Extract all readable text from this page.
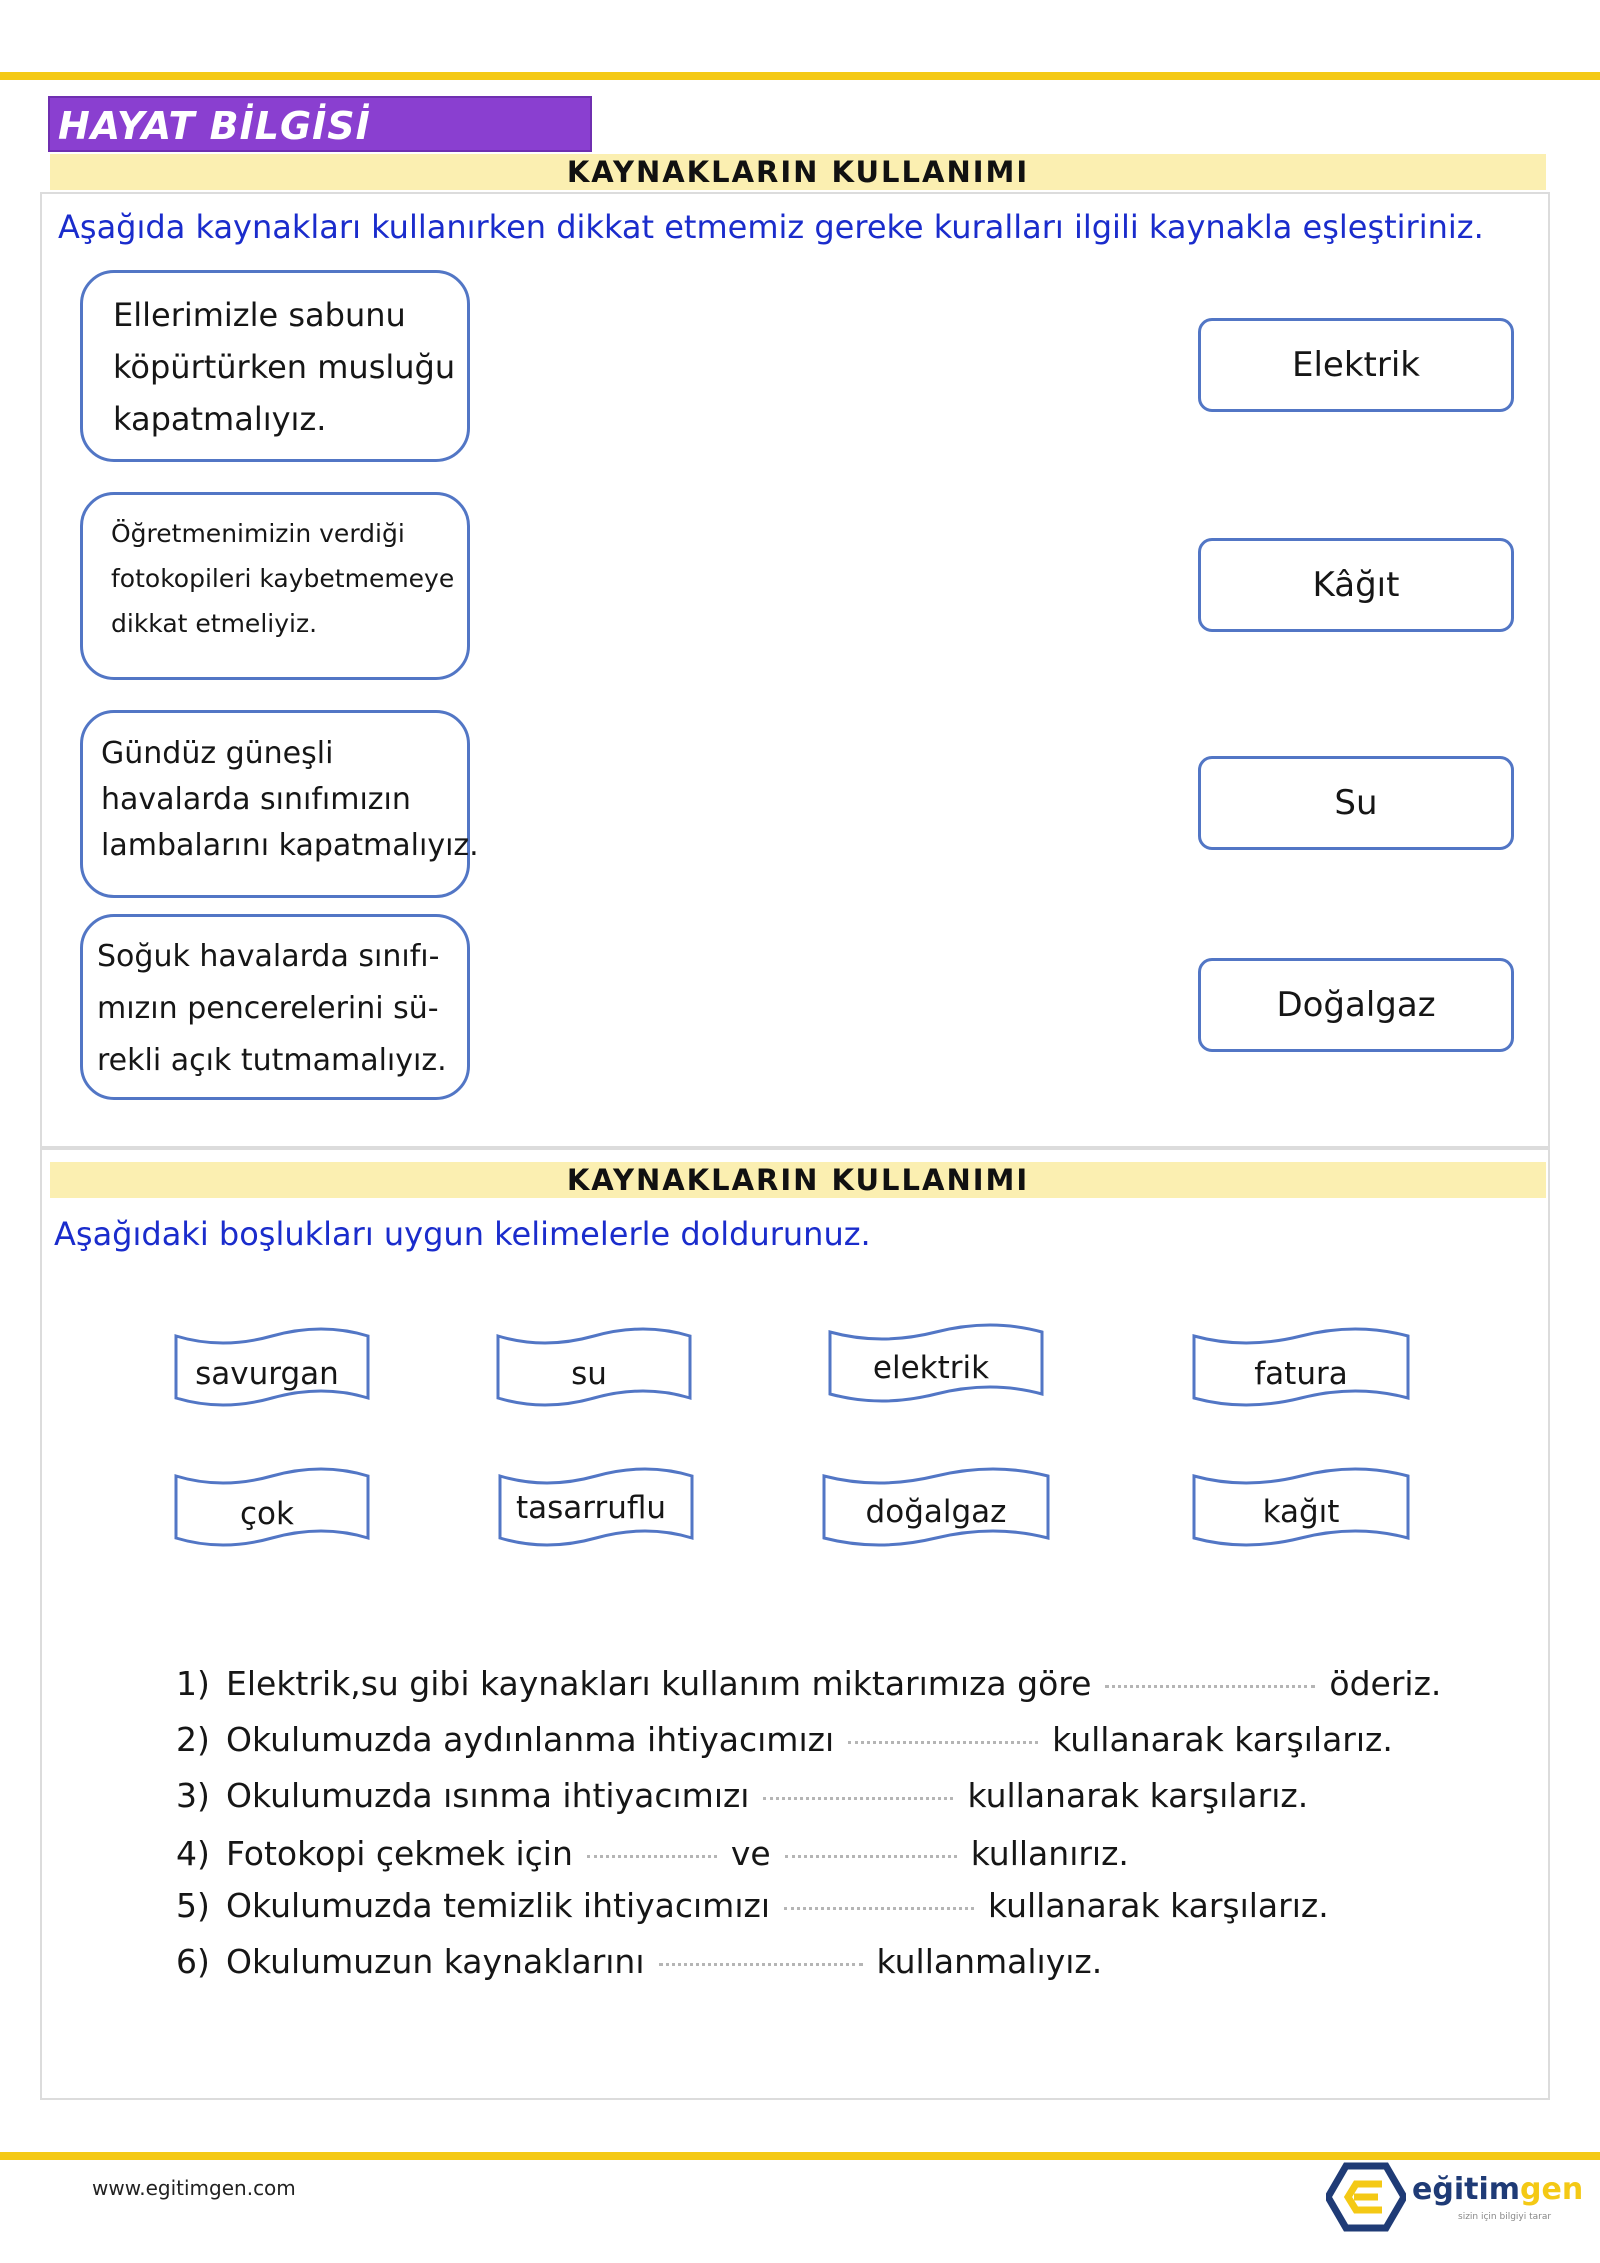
HAYAT BİLGİSİ
KAYNAKLARIN KULLANIMI
Aşağıda kaynakları kullanırken dikkat etmemiz gereke kuralları ilgili kaynakla eşleştiriniz.
Ellerimizle sabunu
köpürtürken musluğu
kapatmalıyız.
Öğretmenimizin verdiği
fotokopileri kaybetmemeye
dikkat etmeliyiz.
Gündüz güneşli
havalarda sınıfımızın
lambalarını kapatmalıyız.
Soğuk havalarda sınıfı-
mızın pencerelerini sü-
rekli açık tutmamalıyız.
Elektrik
Kâğıt
Su
Doğalgaz
KAYNAKLARIN KULLANIMI
Aşağıdaki boşlukları uygun kelimelerle doldurunuz.
savurgan	su	elektrik	fatura
çok	tasarruflu	doğalgaz	kağıt
1) Elektrik,su gibi kaynakları kullanım miktarımıza göre	öderiz.
2) Okulumuzda aydınlanma ihtiyacımızı	kullanarak karşılarız.
3) Okulumuzda ısınma ihtiyacımızı	kullanarak karşılarız.
4) Fotokopi çekmek için	ve	kullanırız.
5) Okulumuzda temizlik ihtiyacımızı	kullanarak karşılarız.
6) Okulumuzun kaynaklarını	kullanmalıyız.
www.egitimgen.com	eğitimgen
sizin için bilgiyi tarar
